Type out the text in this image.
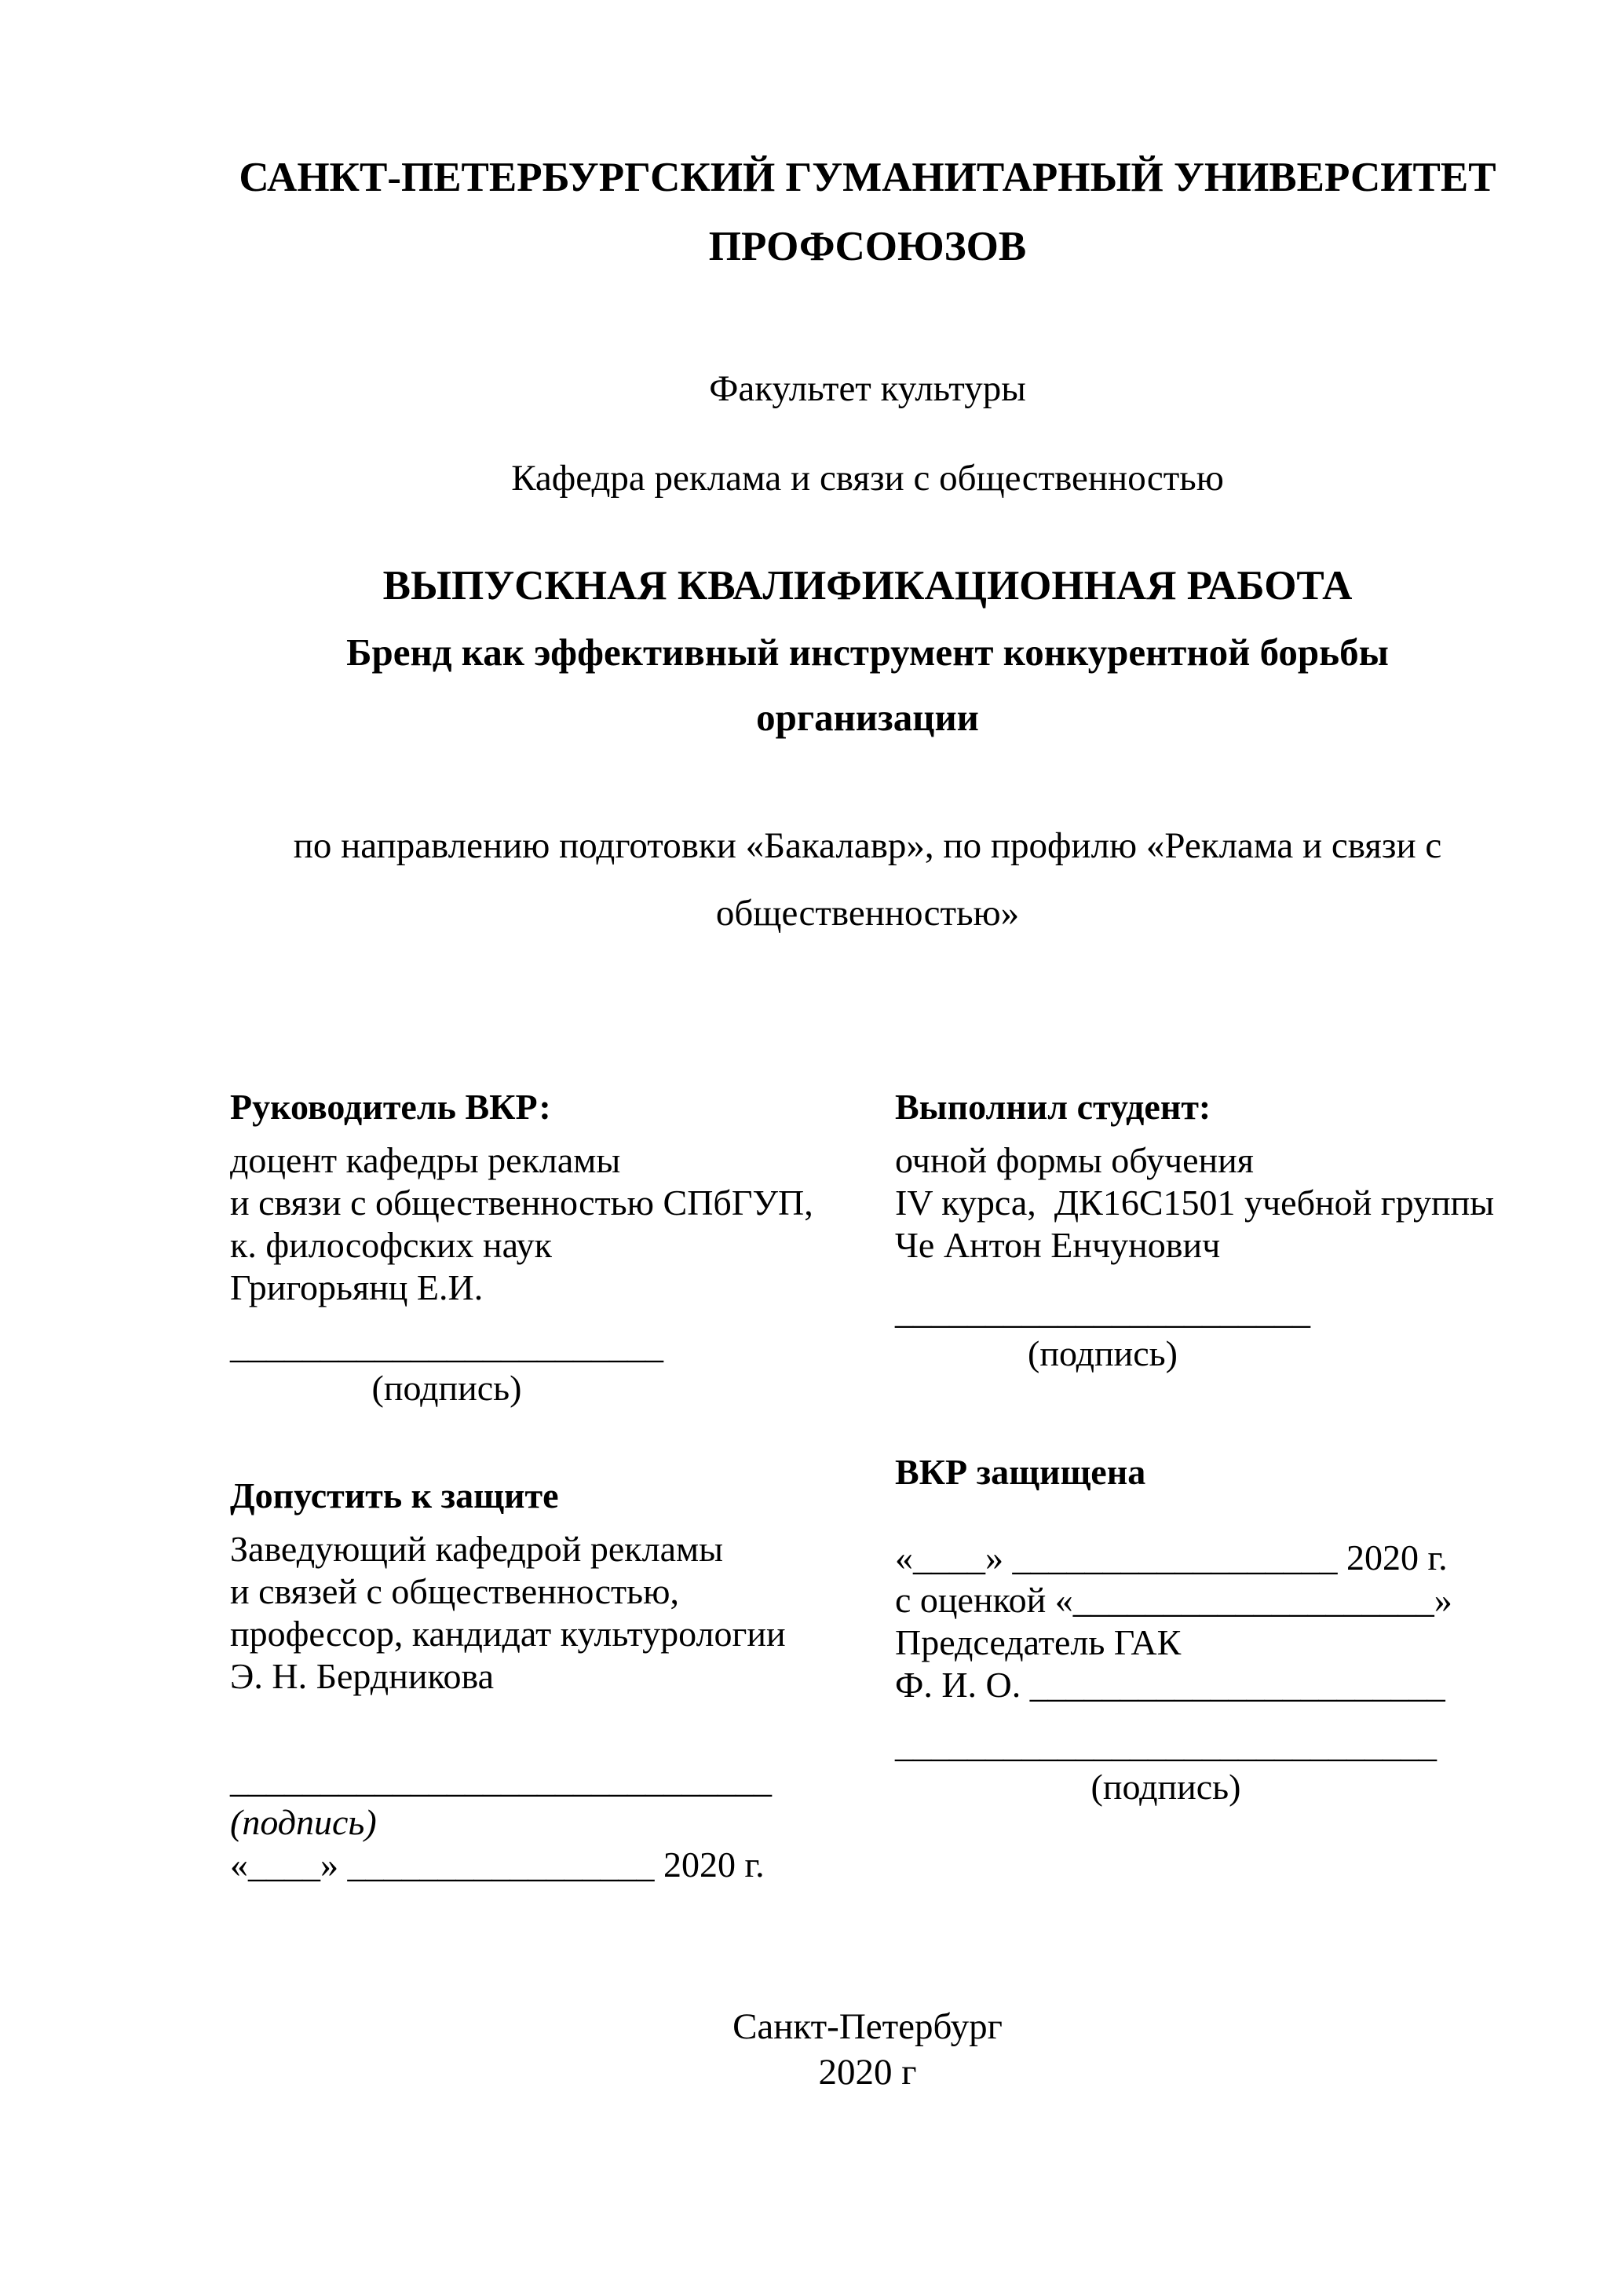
САНКТ-ПЕТЕРБУРГСКИЙ ГУМАНИТАРНЫЙ УНИВЕРСИТЕТ
ПРОФСОЮЗОВ
Факультет культуры
Кафедра реклама и связи с общественностью
ВЫПУСКНАЯ КВАЛИФИКАЦИОННАЯ РАБОТА
Бренд как эффективный инструмент конкурентной борьбы
организации
по направлению подготовки «Бакалавр», по профилю «Реклама и связи с
общественностью»
Руководитель ВКР:
доцент кафедры рекламы
и связи с общественностью СПбГУП,
к. философских наук
Григорьянц Е.И.
________________________
(подпись)
Выполнил студент:
очной формы обучения
IV курса,  ДК16С1501 учебной группы
Че Антон Енчунович
_______________________
(подпись)
Допустить к защите
Заведующий кафедрой рекламы
и связей с общественностью,
профессор, кандидат культурологии
Э. Н. Бердникова
______________________________
(подпись)
«____» _________________ 2020 г.
ВКР защищена
«____» __________________ 2020 г.
с оценкой «____________________»
Председатель ГАК
Ф. И. О. _______________________
______________________________
(подпись)
Санкт-Петербург
2020 г
